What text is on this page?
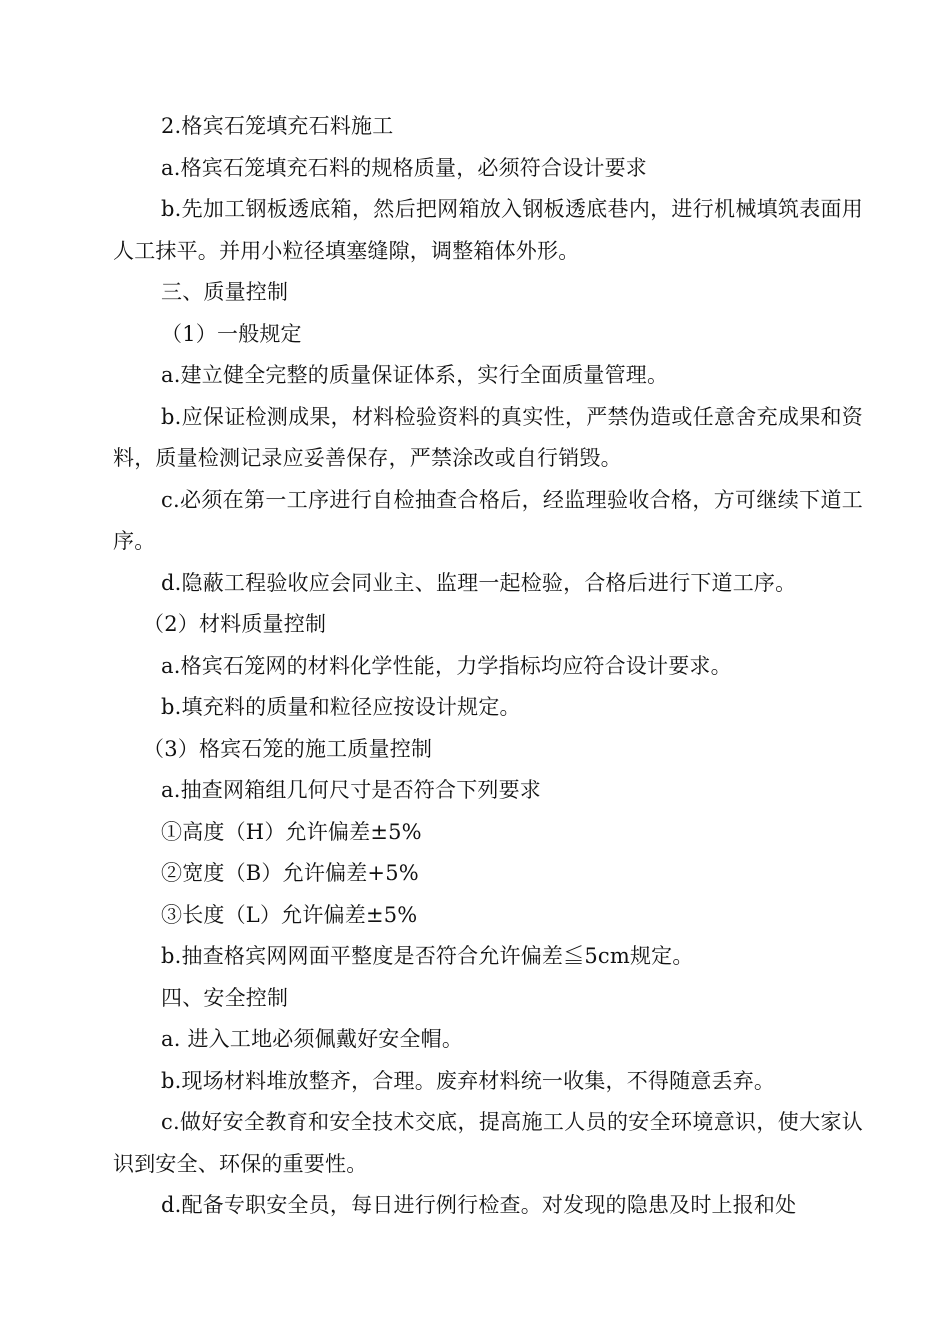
2.格宾石笼填充石料施工

a.格宾石笼填充石料的规格质量，必须符合设计要求

b.先加工钢板透底箱，然后把网箱放入钢板透底巷内，进行机械填筑表面用人工抹平。并用小粒径填塞缝隙，调整箱体外形。

三、质量控制

（1）一般规定

a.建立健全完整的质量保证体系，实行全面质量管理。

b.应保证检测成果，材料检验资料的真实性，严禁伪造或任意舍充成果和资料，质量检测记录应妥善保存，严禁涂改或自行销毁。

c.必须在第一工序进行自检抽查合格后，经监理验收合格，方可继续下道工序。

d.隐蔽工程验收应会同业主、监理一起检验，合格后进行下道工序。

（2）材料质量控制

a.格宾石笼网的材料化学性能，力学指标均应符合设计要求。

b.填充料的质量和粒径应按设计规定。

（3）格宾石笼的施工质量控制

a.抽查网箱组几何尺寸是否符合下列要求

①高度（H）允许偏差±5%

②宽度（B）允许偏差+5%

③长度（L）允许偏差±5%

b.抽查格宾网网面平整度是否符合允许偏差≦5cm规定。

四、安全控制

a. 进入工地必须佩戴好安全帽。

b.现场材料堆放整齐，合理。废弃材料统一收集，不得随意丢弃。

c.做好安全教育和安全技术交底，提高施工人员的安全环境意识，使大家认识到安全、环保的重要性。

d.配备专职安全员，每日进行例行检查。对发现的隐患及时上报和处
